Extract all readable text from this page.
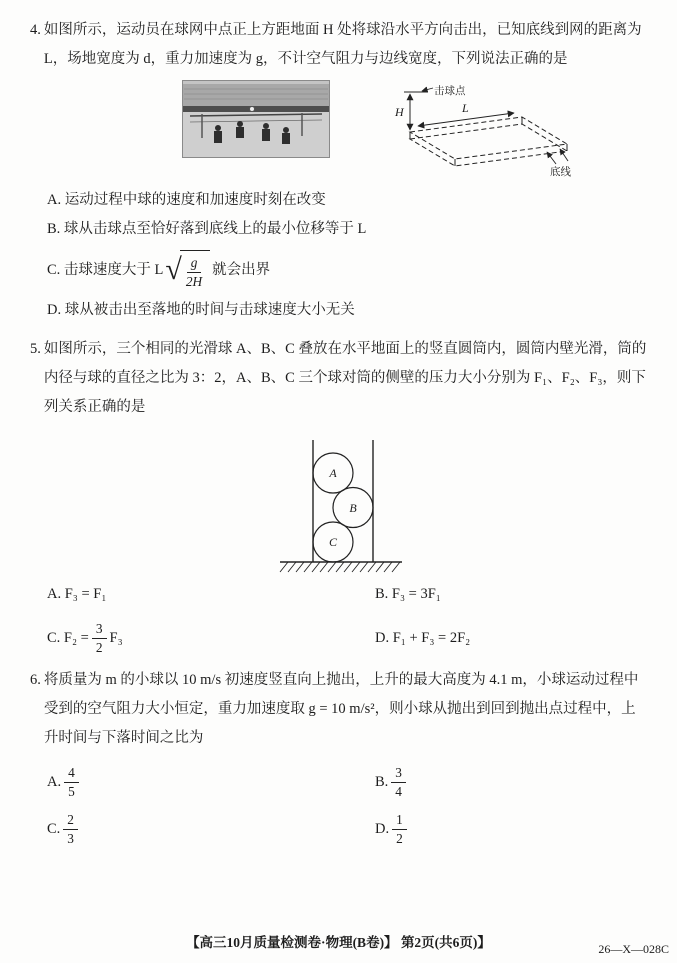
4. 如图所示，运动员在球网中点正上方距地面 H 处将球沿水平方向击出，已知底线到网的距离为 L，场地宽度为 d，重力加速度为 g，不计空气阻力与边线宽度，下列说法正确的是

击球点
H	L
底线

A. 运动过程中球的速度和加速度时刻在改变

B. 球从击球点至恰好落到底线上的最小位移等于 L

C. 击球速度大于 L √ $\frac{g}{2H}$ 就会出界

D. 球从被击出至落地的时间与击球速度大小无关

5. 如图所示，三个相同的光滑球 A、B、C 叠放在水平地面上的竖直圆筒内，圆筒内壁光滑，筒的内径与球的直径之比为 3：2，A、B、C 三个球对筒的侧壁的压力大小分别为 F₁、F₂、F₃，则下列关系正确的是

A
B
C
A. F₃ = F₁	B. F₃ = 3F₁
C. $F_2 = \frac{3}{2} F_3$	D. F₁ + F₃ = 2F₂

6. 将质量为 m 的小球以 10 m/s 初速度竖直向上抛出，上升的最大高度为 4.1 m，小球运动过程中受到的空气阻力大小恒定，重力加速度取 g = 10 m/s²，则小球从抛出到回到抛出点过程中，上升时间与下落时间之比为

A. $\frac{4}{5}$	B. $\frac{3}{4}$
C. $\frac{2}{3}$	D. $\frac{1}{2}$
【高三10月质量检测卷·物理(B卷)】 第2页(共6页)】	26—X—028C
